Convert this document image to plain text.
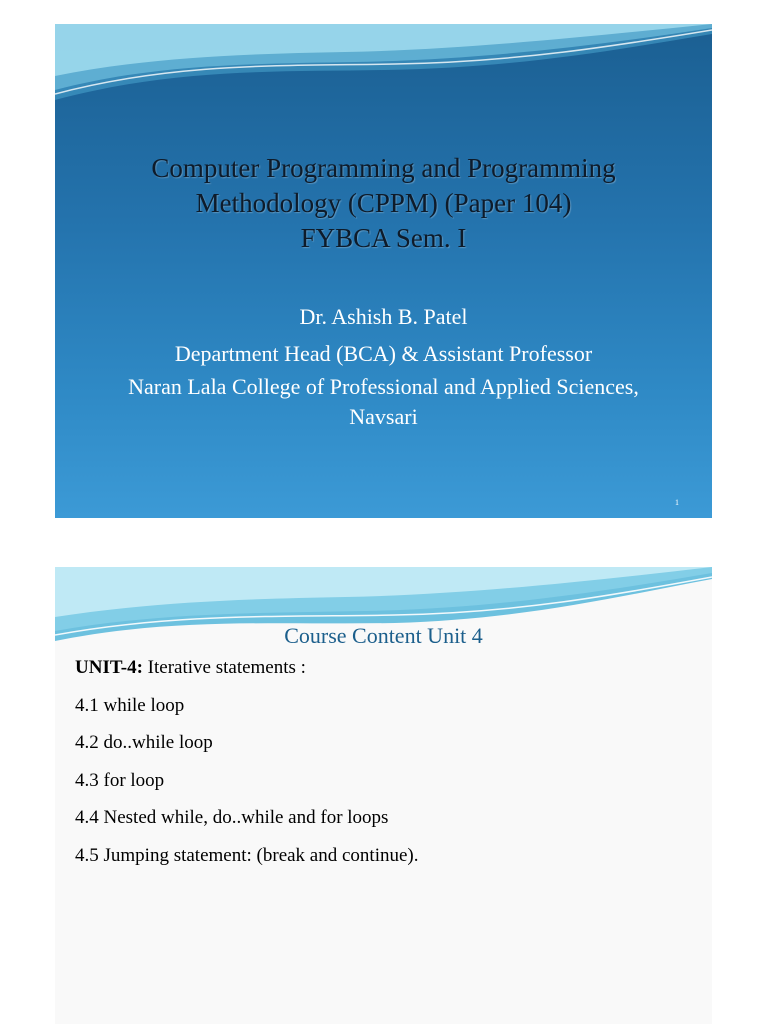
Computer Programming and Programming
Methodology (CPPM) (Paper 104)
FYBCA Sem. I
Dr. Ashish B. Patel
Department Head (BCA) & Assistant Professor
Naran Lala College of Professional and Applied Sciences,
Navsari
1
Course Content Unit 4
UNIT-4: Iterative statements :
4.1 while loop
4.2 do..while loop
4.3 for loop
4.4 Nested while, do..while and for loops
4.5 Jumping statement: (break and continue).
